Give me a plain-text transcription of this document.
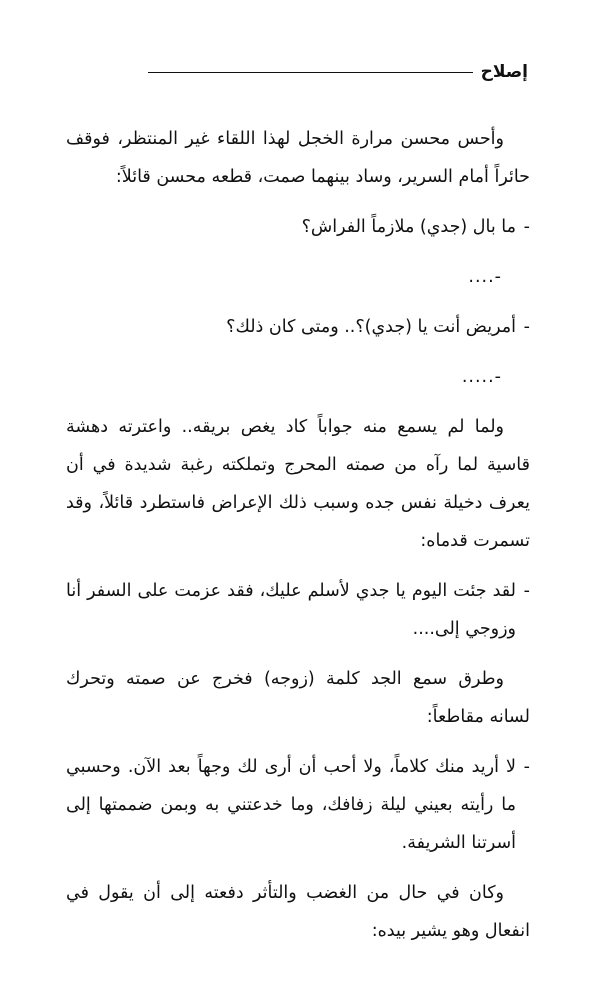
إصلاح

وأحس محسن مرارة الخجل لهذا اللقاء غير المنتظر، فوقف حائراً أمام السرير، وساد بينهما صمت، قطعه محسن قائلاً:

-

ما بال (جدي) ملازماً الفراش؟

-....
-

أمريض أنت يا (جدي)؟.. ومتى كان ذلك؟

-.....

ولما لم يسمع منه جواباً كاد يغص بريقه.. واعترته دهشة قاسية لما رآه من صمته المحرج وتملكته رغبة شديدة في أن يعرف دخيلة نفس جده وسبب ذلك الإعراض فاستطرد قائلاً، وقد تسمرت قدماه:

-

لقد جئت اليوم يا جدي لأسلم عليك، فقد عزمت على السفر أنا وزوجي إلى....

وطرق سمع الجد كلمة (زوجه) فخرج عن صمته وتحرك لسانه مقاطعاً:

-

لا أريد منك كلاماً، ولا أحب أن أرى لك وجهاً بعد الآن. وحسبي ما رأيته بعيني ليلة زفافك، وما خدعتني به وبمن ضممتها إلى أسرتنا الشريفة.

وكان في حال من الغضب والتأثر دفعته إلى أن يقول في انفعال وهو يشير بيده:
